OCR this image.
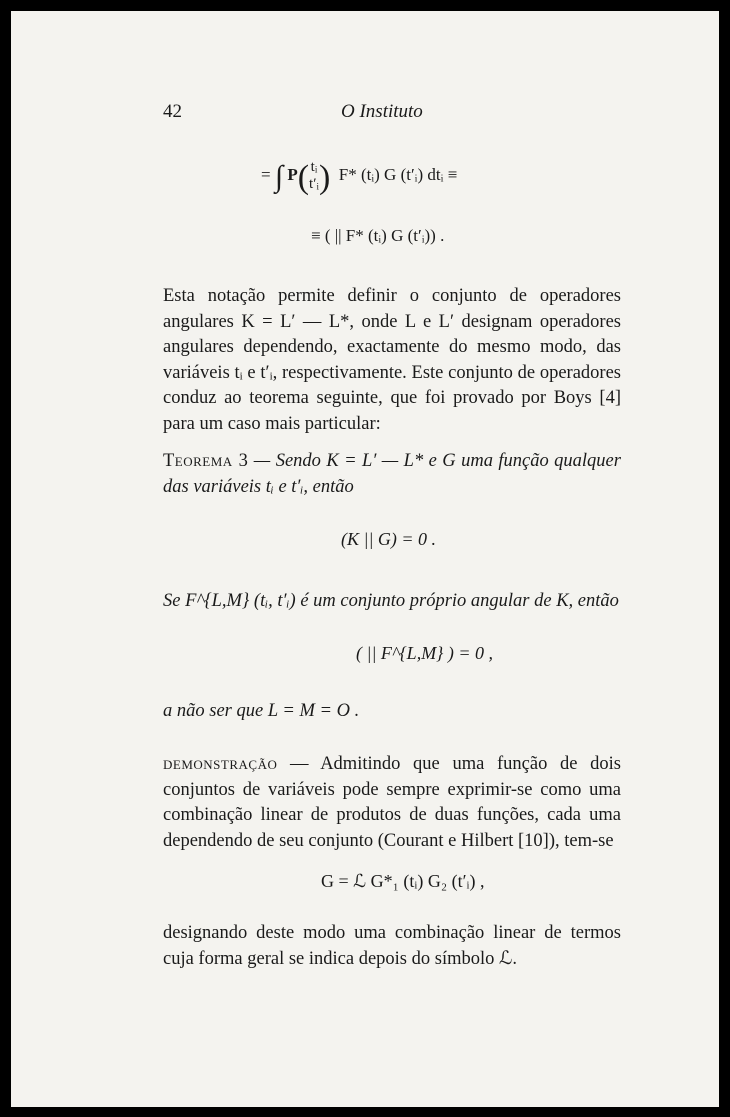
42	O Instituto
= ∫ P( tᵢ
t′ᵢ) F* (tᵢ) G (t′ᵢ) dtᵢ ≡
≡ ( || F* (tᵢ) G (t′ᵢ)) .

Esta notação permite definir o conjunto de operadores angulares K = L′ — L*, onde L e L′ designam operadores angulares dependendo, exactamente do mesmo modo, das variáveis tᵢ e t′ᵢ, respectivamente. Este conjunto de operadores conduz ao teorema seguinte, que foi provado por Boys [4] para um caso mais particular:

Teorema 3 — Sendo K = L′ — L* e G uma função qualquer das variáveis tᵢ e t′ᵢ, então

(K || G) = 0 .

Se F^{L,M} (tᵢ, t′ᵢ) é um conjunto próprio angular de K, então

( || F^{L,M} ) = 0 ,
a não ser que L = M = O .

demonstração — Admitindo que uma função de dois conjuntos de variáveis pode sempre exprimir-se como uma combinação linear de produtos de duas funções, cada uma dependendo de seu conjunto (Courant e Hilbert [10]), tem-se

G = ℒ G*₁ (tᵢ) G₂ (t′ᵢ) ,

designando deste modo uma combinação linear de termos cuja forma geral se indica depois do símbolo ℒ.
